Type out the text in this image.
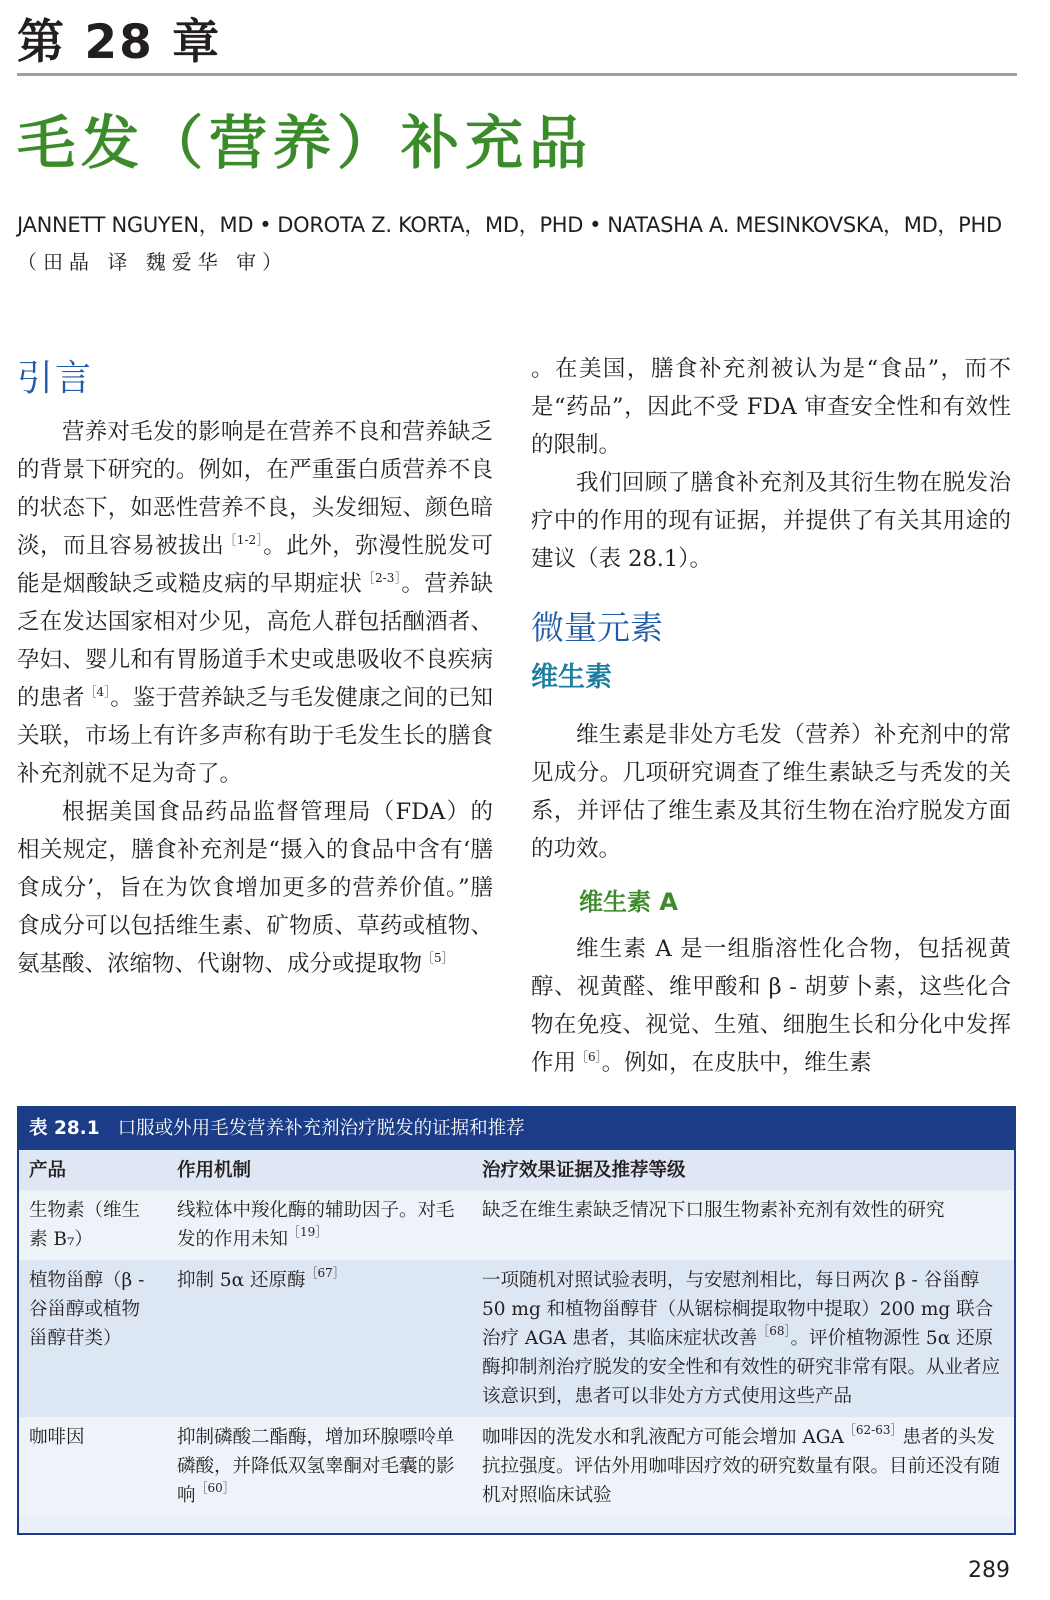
第 28 章
毛发（营养）补充品
JANNETT NGUYEN，MD • DOROTA Z. KORTA，MD，PHD • NATASHA A. MESINKOVSKA，MD，PHD
（田晶 译 魏爱华 审）
引言

营养对毛发的影响是在营养不良和营养缺乏的背景下研究的。例如，在严重蛋白质营养不良的状态下，如恶性营养不良，头发细短、颜色暗淡，而且容易被拔出$^{[1-2]}$。此外，弥漫性脱发可能是烟酸缺乏或糙皮病的早期症状$^{[2-3]}$。营养缺乏在发达国家相对少见，高危人群包括酗酒者、孕妇、婴儿和有胃肠道手术史或患吸收不良疾病的患者$^{[4]}$。鉴于营养缺乏与毛发健康之间的已知关联，市场上有许多声称有助于毛发生长的膳食补充剂就不足为奇了。

根据美国食品药品监督管理局（FDA）的相关规定，膳食补充剂是“摄入的食品中含有‘膳食成分’，旨在为饮食增加更多的营养价值。”膳食成分可以包括维生素、矿物质、草药或植物、氨基酸、浓缩物、代谢物、成分或提取物$^{[5]}$

。在美国，膳食补充剂被认为是“食品”，而不是“药品”，因此不受 FDA 审查安全性和有效性的限制。

我们回顾了膳食补充剂及其衍生物在脱发治疗中的作用的现有证据，并提供了有关其用途的建议（表 28.1）。

微量元素
维生素

维生素是非处方毛发（营养）补充剂中的常见成分。几项研究调查了维生素缺乏与秃发的关系，并评估了维生素及其衍生物在治疗脱发方面的功效。

维生素 A

维生素 A 是一组脂溶性化合物，包括视黄醇、视黄醛、维甲酸和 β - 胡萝卜素，这些化合物在免疫、视觉、生殖、细胞生长和分化中发挥作用$^{[6]}$。例如，在皮肤中，维生素

表 28.1 口服或外用毛发营养补充剂治疗脱发的证据和推荐
产品	作用机制	治疗效果证据及推荐等级
生物素（维生素 B₇）	线粒体中羧化酶的辅助因子。对毛发的作用未知$^{[19]}$	缺乏在维生素缺乏情况下口服生物素补充剂有效性的研究
植物甾醇（β - 谷甾醇或植物甾醇苷类）	抑制 5α 还原酶$^{[67]}$	一项随机对照试验表明，与安慰剂相比，每日两次 β - 谷甾醇 50 mg 和植物甾醇苷（从锯棕榈提取物中提取）200 mg 联合治疗 AGA 患者，其临床症状改善$^{[68]}$。评价植物源性 5α 还原酶抑制剂治疗脱发的安全性和有效性的研究非常有限。从业者应该意识到，患者可以非处方方式使用这些产品
咖啡因	抑制磷酸二酯酶，增加环腺嘌呤单磷酸，并降低双氢睾酮对毛囊的影响$^{[60]}$	咖啡因的洗发水和乳液配方可能会增加 $AGA^{[62-63]}$患者的头发抗拉强度。评估外用咖啡因疗效的研究数量有限。目前还没有随机对照临床试验
289
